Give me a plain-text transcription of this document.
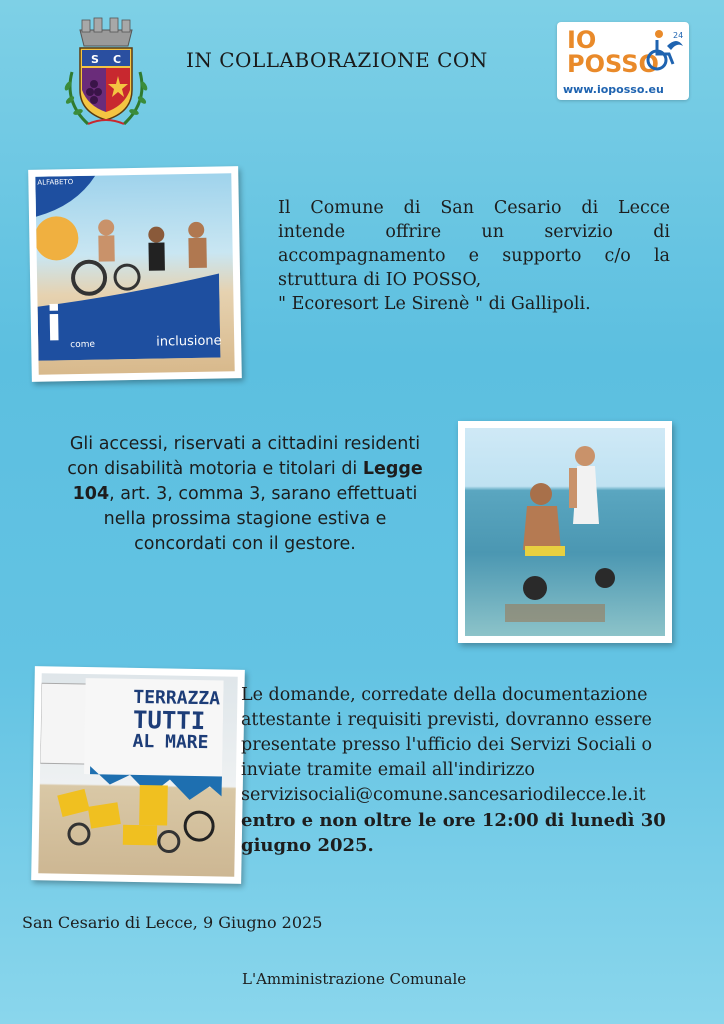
S C	IN COLLABORAZIONE CON
IO
POSSO
24
www.ioposso.eu
ALFABETO
i come	inclusione
Il Comune di San Cesario di Lecce
intende offrire un servizio di
accompagnamento e supporto c/o la
struttura di IO POSSO,
" Ecoresort Le Sirenè " di Gallipoli.
Gli accessi, riservati a cittadini residenti con disabilità motoria e titolari di Legge 104, art. 3, comma 3, sarano effettuati nella prossima stagione estiva e concordati con il gestore.
TERRAZZA
TUTTI
AL MARE
Le domande, corredate della documentazione attestante i requisiti previsti, dovranno essere presentate presso l'ufficio dei Servizi Sociali o inviate tramite email all'indirizzo
servizisociali@comune.sancesariodilecce.le.it
entro e non oltre le ore 12:00 di lunedì 30 giugno 2025.
San Cesario di Lecce, 9 Giugno 2025
L'Amministrazione Comunale
